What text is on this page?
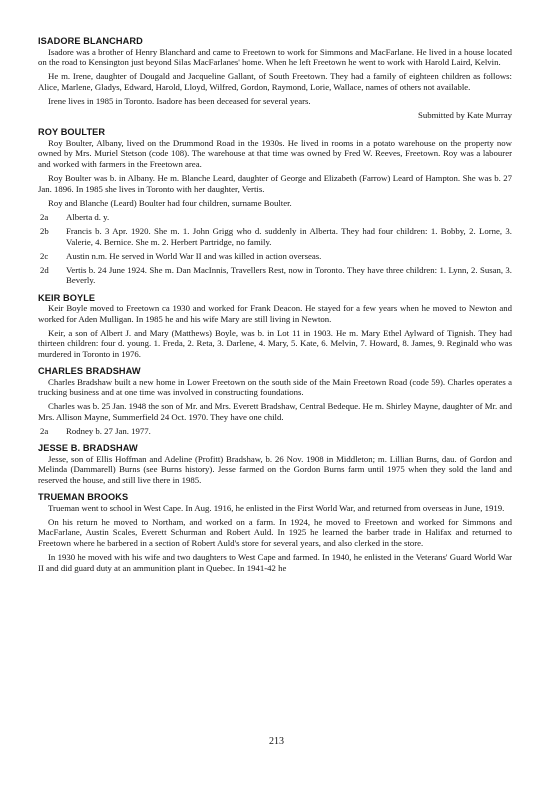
ISADORE BLANCHARD

Isadore was a brother of Henry Blanchard and came to Freetown to work for Simmons and MacFarlane. He lived in a house located on the road to Kensington just beyond Silas MacFarlanes' home. When he left Freetown he went to work with Harold Laird, Kelvin.

He m. Irene, daughter of Dougald and Jacqueline Gallant, of South Freetown. They had a family of eighteen children as follows: Alice, Marlene, Gladys, Edward, Harold, Lloyd, Wilfred, Gordon, Raymond, Lorie, Wallace, names of others not available.

Irene lives in 1985 in Toronto. Isadore has been deceased for several years.

Submitted by Kate Murray
ROY BOULTER

Roy Boulter, Albany, lived on the Drummond Road in the 1930s. He lived in rooms in a potato warehouse on the property now owned by Mrs. Muriel Stetson (code 108). The warehouse at that time was owned by Fred W. Reeves, Freetown. Roy was a labourer and worked with farmers in the Freetown area.

Roy Boulter was b. in Albany. He m. Blanche Leard, daughter of George and Elizabeth (Farrow) Leard of Hampton. She was b. 27 Jan. 1896. In 1985 she lives in Toronto with her daughter, Vertis.

Roy and Blanche (Leard) Boulter had four children, surname Boulter.

2a	Alberta d. y.
2b	Francis b. 3 Apr. 1920. She m. 1. John Grigg who d. suddenly in Alberta. They had four children: 1. Bobby, 2. Lorne, 3. Valerie, 4. Bernice. She m. 2. Herbert Partridge, no family.
2c	Austin n.m. He served in World War II and was killed in action overseas.
2d	Vertis b. 24 June 1924. She m. Dan MacInnis, Travellers Rest, now in Toronto. They have three children: 1. Lynn, 2. Susan, 3. Beverly.
KEIR BOYLE

Keir Boyle moved to Freetown ca 1930 and worked for Frank Deacon. He stayed for a few years when he moved to Newton and worked for Aden Mulligan. In 1985 he and his wife Mary are still living in Newton.

Keir, a son of Albert J. and Mary (Matthews) Boyle, was b. in Lot 11 in 1903. He m. Mary Ethel Aylward of Tignish. They had thirteen children: four d. young. 1. Freda, 2. Reta, 3. Darlene, 4. Mary, 5. Kate, 6. Melvin, 7. Howard, 8. James, 9. Reginald who was murdered in Toronto in 1976.

CHARLES BRADSHAW

Charles Bradshaw built a new home in Lower Freetown on the south side of the Main Freetown Road (code 59). Charles operates a trucking business and at one time was involved in constructing foundations.

Charles was b. 25 Jan. 1948 the son of Mr. and Mrs. Everett Bradshaw, Central Bedeque. He m. Shirley Mayne, daughter of Mr. and Mrs. Allison Mayne, Summerfield 24 Oct. 1970. They have one child.

2a	Rodney b. 27 Jan. 1977.
JESSE B. BRADSHAW

Jesse, son of Ellis Hoffman and Adeline (Profitt) Bradshaw, b. 26 Nov. 1908 in Middleton; m. Lillian Burns, dau. of Gordon and Melinda (Dammarell) Burns (see Burns history). Jesse farmed on the Gordon Burns farm until 1975 when they sold the land and reserved the house, and still live there in 1985.

TRUEMAN BROOKS

Trueman went to school in West Cape. In Aug. 1916, he enlisted in the First World War, and returned from overseas in June, 1919.

On his return he moved to Northam, and worked on a farm. In 1924, he moved to Freetown and worked for Simmons and MacFarlane, Austin Scales, Everett Schurman and Robert Auld. In 1925 he learned the barber trade in Halifax and returned to Freetown where he barbered in a section of Robert Auld's store for several years, and also clerked in the store.

In 1930 he moved with his wife and two daughters to West Cape and farmed. In 1940, he enlisted in the Veterans' Guard World War II and did guard duty at an ammunition plant in Quebec. In 1941-42 he

213
